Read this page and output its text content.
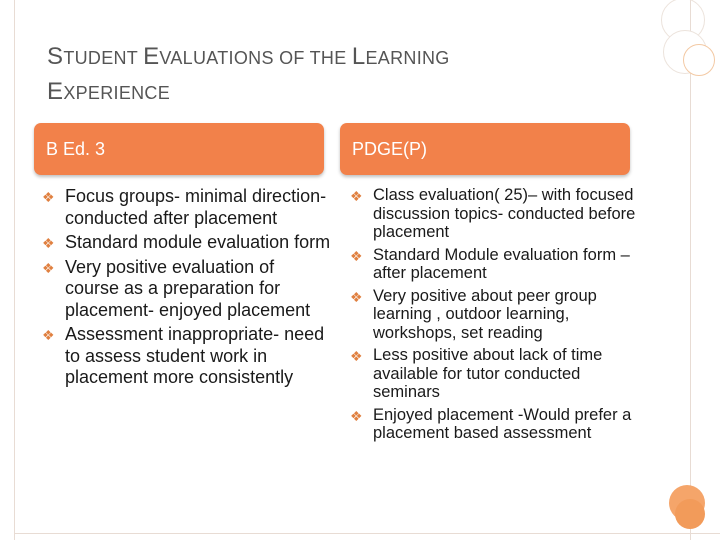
STUDENT EVALUATIONS OF THE LEARNING
EXPERIENCE
B Ed. 3	PDGE(P)
❖ Focus groups- minimal direction- conducted after placement
❖ Standard module evaluation form
❖ Very positive evaluation of course as a preparation for placement- enjoyed placement
❖ Assessment inappropriate- need to assess student work in placement more consistently
❖ Class evaluation( 25)– with focused discussion topics- conducted before placement
❖ Standard Module evaluation form – after placement
❖ Very positive about peer group learning , outdoor learning, workshops, set reading
❖ Less positive about lack of time available for tutor conducted seminars
❖ Enjoyed placement -Would prefer a placement based assessment
